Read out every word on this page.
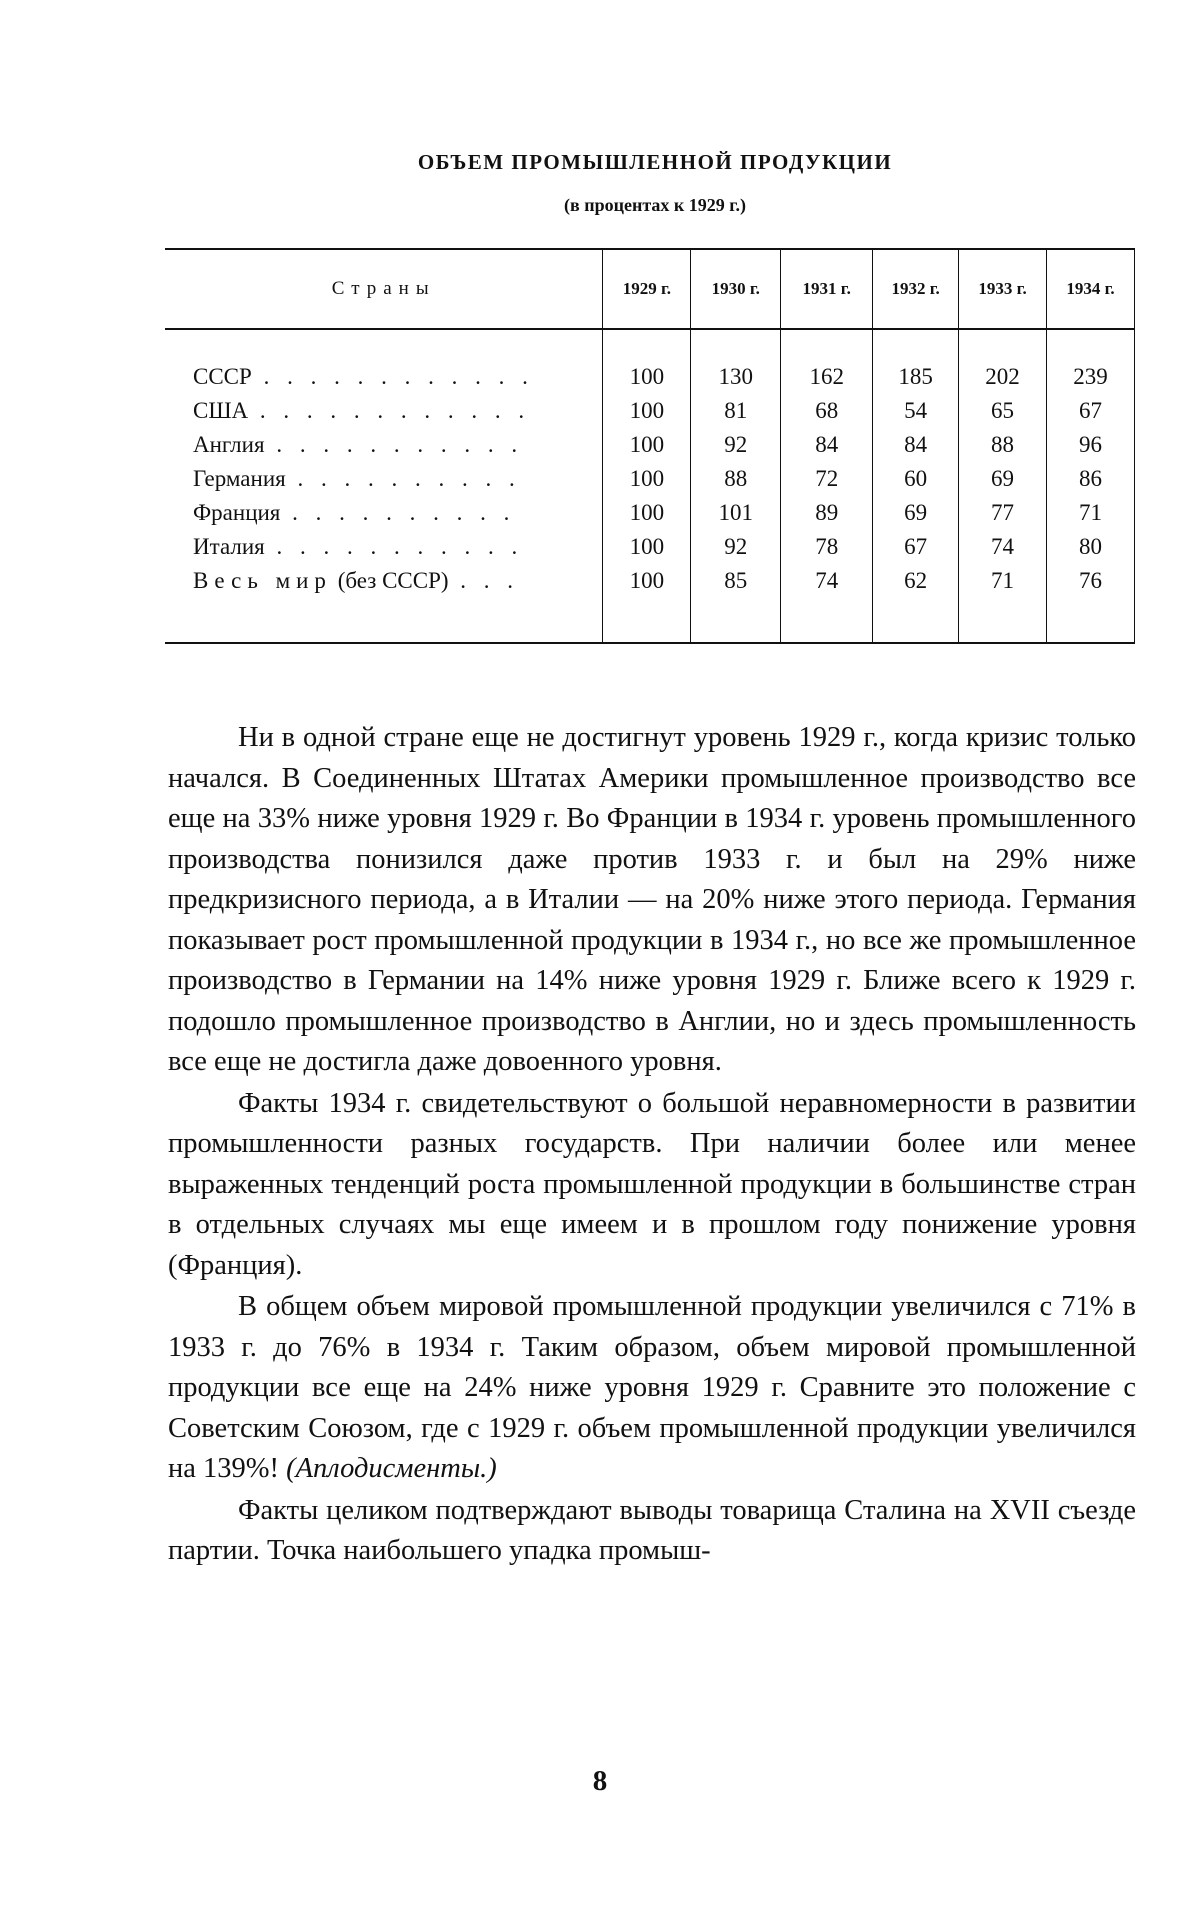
ОБЪЕМ ПРОМЫШЛЕННОЙ ПРОДУКЦИИ
(в процентах к 1929 г.)
Страны	1929 г.	1930 г.	1931 г.	1932 г.	1933 г.	1934 г.

СССР . . . . . . . . . . . .	100	130	162	185	202	239
США . . . . . . . . . . . .	100	81	68	54	65	67
Англия . . . . . . . . . . .	100	92	84	84	88	96
Германия . . . . . . . . . .	100	88	72	60	69	86
Франция . . . . . . . . . .	100	101	89	69	77	71
Италия . . . . . . . . . . .	100	92	78	67	74	80
Весь мир (без СССР) . . .	100	85	74	62	71	76

Ни в одной стране еще не достигнут уровень 1929 г., когда кризис только начался. В Соединенных Штатах Америки промышленное производство все еще на 33% ниже уровня 1929 г. Во Франции в 1934 г. уровень промышленного производства понизился даже против 1933 г. и был на 29% ниже предкризисного периода, а в Италии — на 20% ниже этого периода. Германия показывает рост промышленной продукции в 1934 г., но все же промышленное производство в Германии на 14% ниже уровня 1929 г. Ближе всего к 1929 г. подошло промышленное производство в Англии, но и здесь промышленность все еще не достигла даже довоенного уровня.

Факты 1934 г. свидетельствуют о большой неравномерности в развитии промышленности разных государств. При наличии более или менее выраженных тенденций роста промышленной продукции в большинстве стран в отдельных случаях мы еще имеем и в прошлом году понижение уровня (Франция).

В общем объем мировой промышленной продукции увеличился с 71% в 1933 г. до 76% в 1934 г. Таким образом, объем мировой промышленной продукции все еще на 24% ниже уровня 1929 г. Сравните это положение с Советским Союзом, где с 1929 г. объем промышленной продукции увеличился на 139%! (Аплодисменты.)

Факты целиком подтверждают выводы товарища Сталина на XVII съезде партии. Точка наибольшего упадка промыш-

8
